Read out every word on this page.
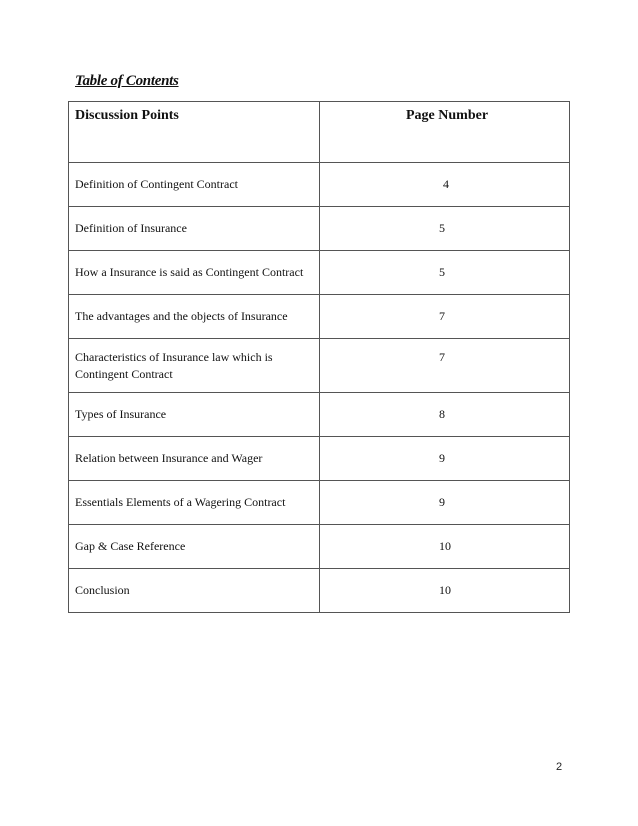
Table of Contents
Discussion Points	Page Number
Definition of Contingent Contract	4
Definition of Insurance	5
How a Insurance is said as Contingent Contract	5
The advantages and the objects of Insurance	7
Characteristics of Insurance law which is Contingent Contract	7
Types of Insurance	8
Relation between Insurance and Wager	9
Essentials Elements of a Wagering Contract	9
Gap & Case Reference	10
Conclusion	10
2
